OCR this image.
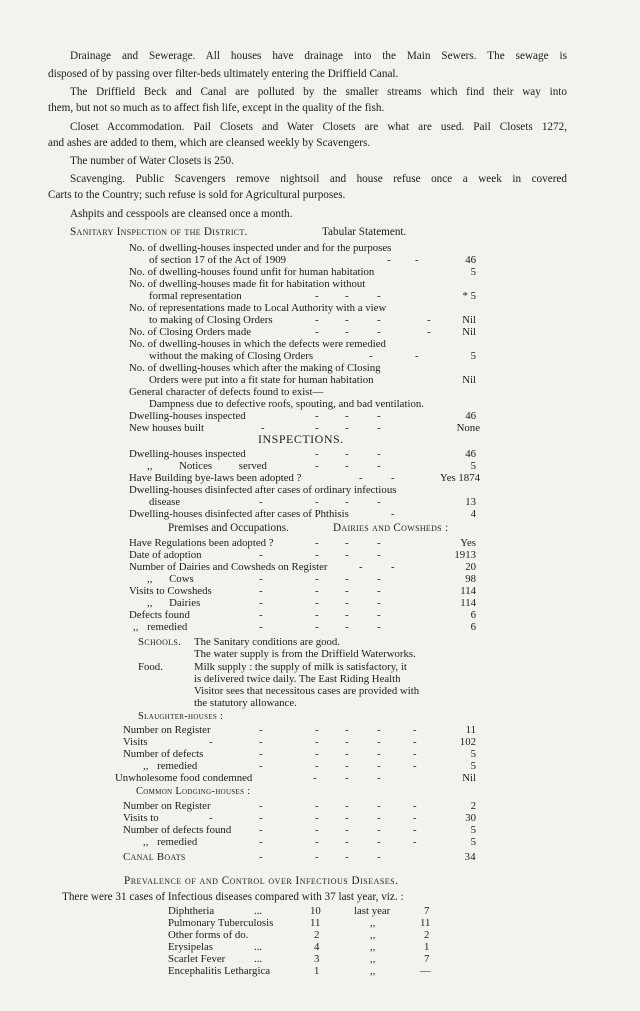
Drainage and Sewerage. All houses have drainage into the Main Sewers. The sewage is
disposed of by passing over filter-beds ultimately entering the Driffield Canal.
The Driffield Beck and Canal are polluted by the smaller streams which find their way into
them, but not so much as to affect fish life, except in the quality of the fish.
Closet Accommodation. Pail Closets and Water Closets are what are used. Pail Closets 1272,
and ashes are added to them, which are cleansed weekly by Scavengers.
The number of Water Closets is 250.
Scavenging. Public Scavengers remove nightsoil and house refuse once a week in covered
Carts to the Country; such refuse is sold for Agricultural purposes.
Ashpits and cesspools are cleansed once a month.
Sanitary Inspection of the District.	Tabular Statement.
No. of dwelling-houses inspected under and for the purposes
of section 17 of the Act of 1909	- -	46
No. of dwelling-houses found unfit for human habitation	5
No. of dwelling-houses made fit for habitation without
formal representation	- -	-	* 5
No. of representations made to Local Authority with a view
to making of Closing Orders	- -	-	-	Nil
No. of Closing Orders made	- -	-	-	Nil
No. of dwelling-houses in which the defects were remedied
without the making of Closing Orders	-	-	5
No. of dwelling-houses which after the making of Closing
Orders were put into a fit state for human habitation	Nil
General character of defects found to exist—
Dampness due to defective roofs, spouting, and bad ventilation.
Dwelling-houses inspected	- -	-	46
New houses built	-	- -	-	None
INSPECTIONS.
Dwelling-houses inspected	- -	-	46
,, Notices served	- -	-	5
Have Building bye-laws been adopted ?	-	-	Yes 1874
Dwelling-houses disinfected after cases of ordinary infectious
disease	-	- -	-	13
Dwelling-houses disinfected after cases of Phthisis	-	4
Premises and Occupations.	Dairies and Cowsheds :
Have Regulations been adopted ?	- -	-	Yes
Date of adoption	-	- -	-	1913
Number of Dairies and Cowsheds on Register	-	-	20
,, Cows	-	- -	-	98
Visits to Cowsheds	-	- -	-	114
,, Dairies	-	- -	-	114
Defects found	-	- -	-	6
,, remedied	-	- -	-	6
Schools. The Sanitary conditions are good.
The water supply is from the Driffield Waterworks.
Food.	Milk supply : the supply of milk is satisfactory, it
is delivered twice daily. The East Riding Health
Visitor sees that necessitous cases are provided with
the statutory allowance.
Slaughter-houses :
Number on Register	-	- -	-	-	11
Visits	-	-	- -	-	-	102
Number of defects	-	- -	-	-	5
,, remedied	-	- -	-	-	5
Unwholesome food condemned	-	-	-	Nil
Common Lodging-houses :
Number on Register	-	- -	-	-	2
Visits to	-	-	- -	-	-	30
Number of defects found	-	- -	-	-	5
,, remedied	-	- -	-	-	5
Canal Boats	-	- -	-	34
Prevalence of and Control over Infectious Diseases.
There were 31 cases of Infectious diseases compared with 37 last year, viz. :
Diphtheria	...	10	last year	7
Pulmonary Tuberculosis	11	,,	11
Other forms of do.	2	,,	2
Erysipelas	...	4	,,	1
Scarlet Fever	...	3	,,	7
Encephalitis Lethargica	1	,,	—
